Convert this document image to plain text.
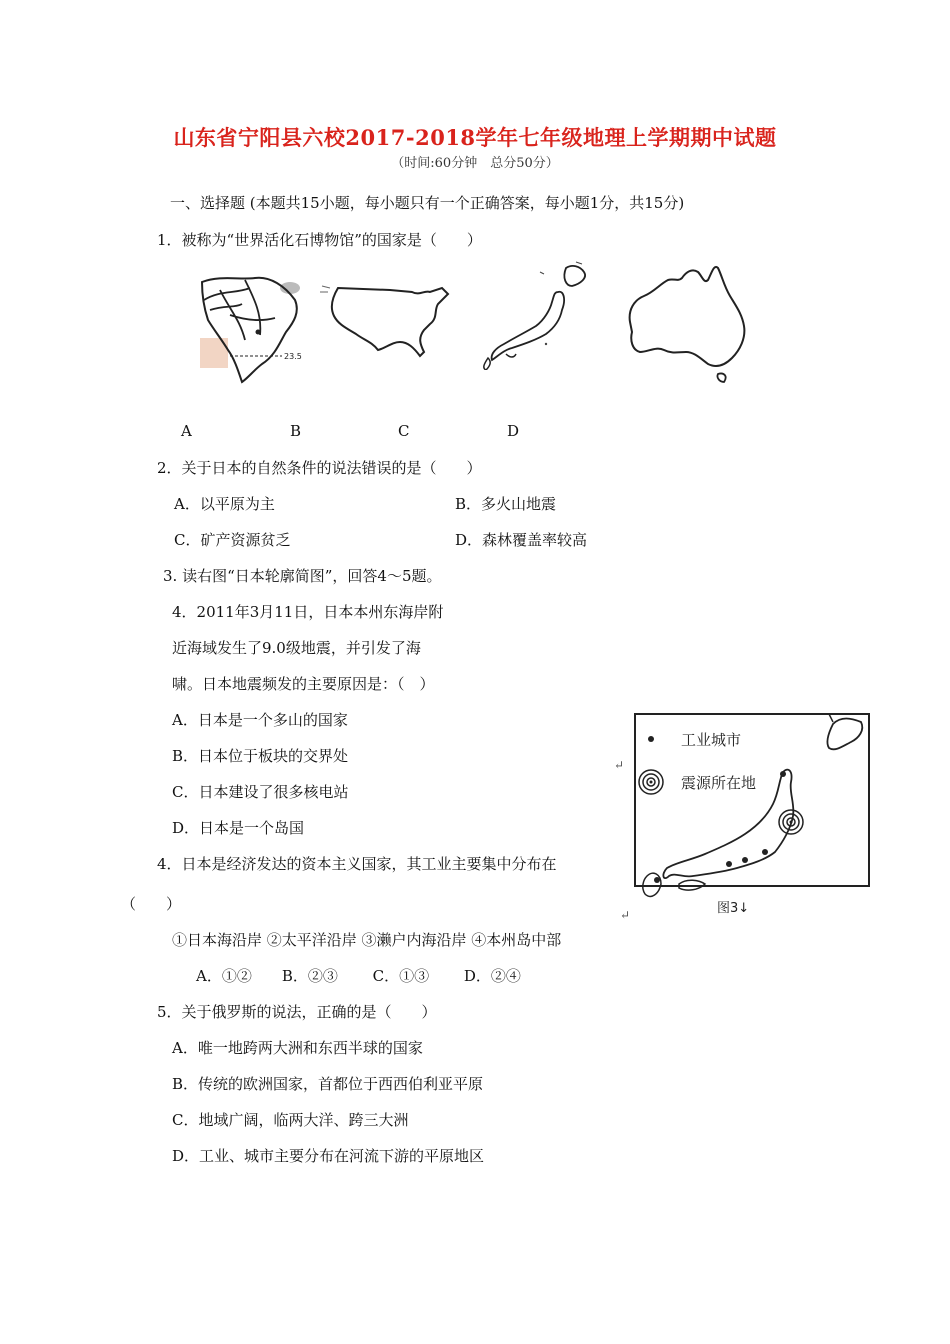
山东省宁阳县六校2017-2018学年七年级地理上学期期中试题
（时间:60分钟　总分50分）
一、选择题 (本题共15小题，每小题只有一个正确答案，每小题1分，共15分)
1．被称为“世界活化石博物馆”的国家是（　　）
23.5
A	B	C	D
2．关于日本的自然条件的说法错误的是（　　）
A．以平原为主	B．多火山地震
C．矿产资源贫乏	D．森林覆盖率较高
3. 读右图“日本轮廓简图”，回答4～5题。
4．2011年3月11日，日本本州东海岸附
近海域发生了9.0级地震，并引发了海
啸。日本地震频发的主要原因是：（　）
A．日本是一个多山的国家
B．日本位于板块的交界处
C．日本建设了很多核电站
D．日本是一个岛国
↵
工业城市
震源所在地
图3↓
↵
4．日本是经济发达的资本主义国家，其工业主要集中分布在
（　　）
①日本海沿岸 ②太平洋沿岸 ③濑户内海沿岸 ④本州岛中部
A．①②　　B．②③　　 C．①③　　 D．②④
5．关于俄罗斯的说法，正确的是（　　）
A．唯一地跨两大洲和东西半球的国家
B．传统的欧洲国家，首都位于西西伯利亚平原
C．地域广阔，临两大洋、跨三大洲
D．工业、城市主要分布在河流下游的平原地区
